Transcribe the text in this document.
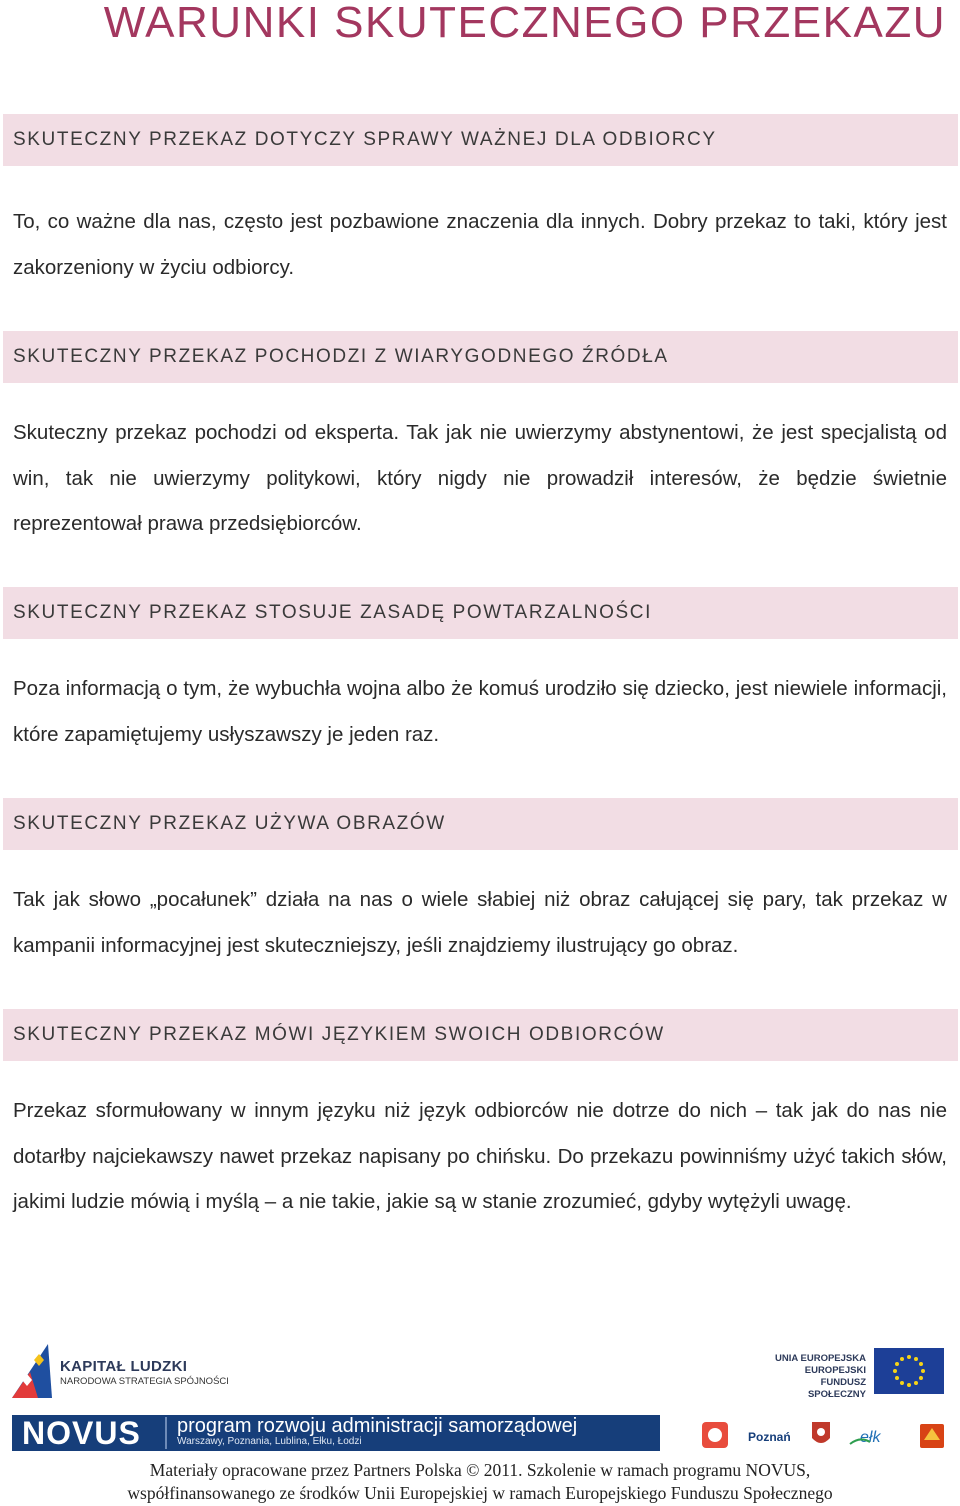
WARUNKI SKUTECZNEGO PRZEKAZU
SKUTECZNY PRZEKAZ DOTYCZY SPRAWY WAŻNEJ DLA ODBIORCY
To, co ważne dla nas, często jest pozbawione znaczenia dla innych. Dobry przekaz to taki, który jest zakorzeniony w życiu odbiorcy.
SKUTECZNY PRZEKAZ POCHODZI Z WIARYGODNEGO ŹRÓDŁA
Skuteczny przekaz pochodzi od eksperta. Tak jak nie uwierzymy abstynentowi, że jest specjalistą od win, tak nie uwierzymy politykowi, który nigdy nie prowadził interesów, że będzie świetnie reprezentował prawa przedsiębiorców.
SKUTECZNY PRZEKAZ STOSUJE ZASADĘ POWTARZALNOŚCI
Poza informacją o tym, że wybuchła wojna albo że komuś urodziło się dziecko, jest niewiele informacji, które zapamiętujemy usłyszawszy je jeden raz.
SKUTECZNY PRZEKAZ UŻYWA OBRAZÓW
Tak jak słowo „pocałunek” działa na nas o wiele słabiej niż obraz całującej się pary, tak przekaz w kampanii informacyjnej jest skuteczniejszy, jeśli znajdziemy ilustrujący go obraz.
SKUTECZNY PRZEKAZ MÓWI JĘZYKIEM SWOICH ODBIORCÓW
Przekaz sformułowany w innym języku niż język odbiorców nie dotrze do nich – tak jak do nas nie dotarłby najciekawszy nawet przekaz napisany po chińsku. Do przekazu powinniśmy użyć takich słów, jakimi ludzie mówią i myślą – a nie takie, jakie są w stanie zrozumieć, gdyby wytężyli uwagę.
KAPITAŁ LUDZKI
NARODOWA STRATEGIA SPÓJNOŚCI
UNIA EUROPEJSKA EUROPEJSKI FUNDUSZ SPOŁECZNY
NOVUS program rozwoju administracji samorządowej
Warszawy, Poznania, Lublina, Ełku, Łodzi	Poznań	ełk
Materiały opracowane przez Partners Polska © 2011. Szkolenie w ramach programu NOVUS,
współfinansowanego ze środków Unii Europejskiej w ramach Europejskiego Funduszu Społecznego
